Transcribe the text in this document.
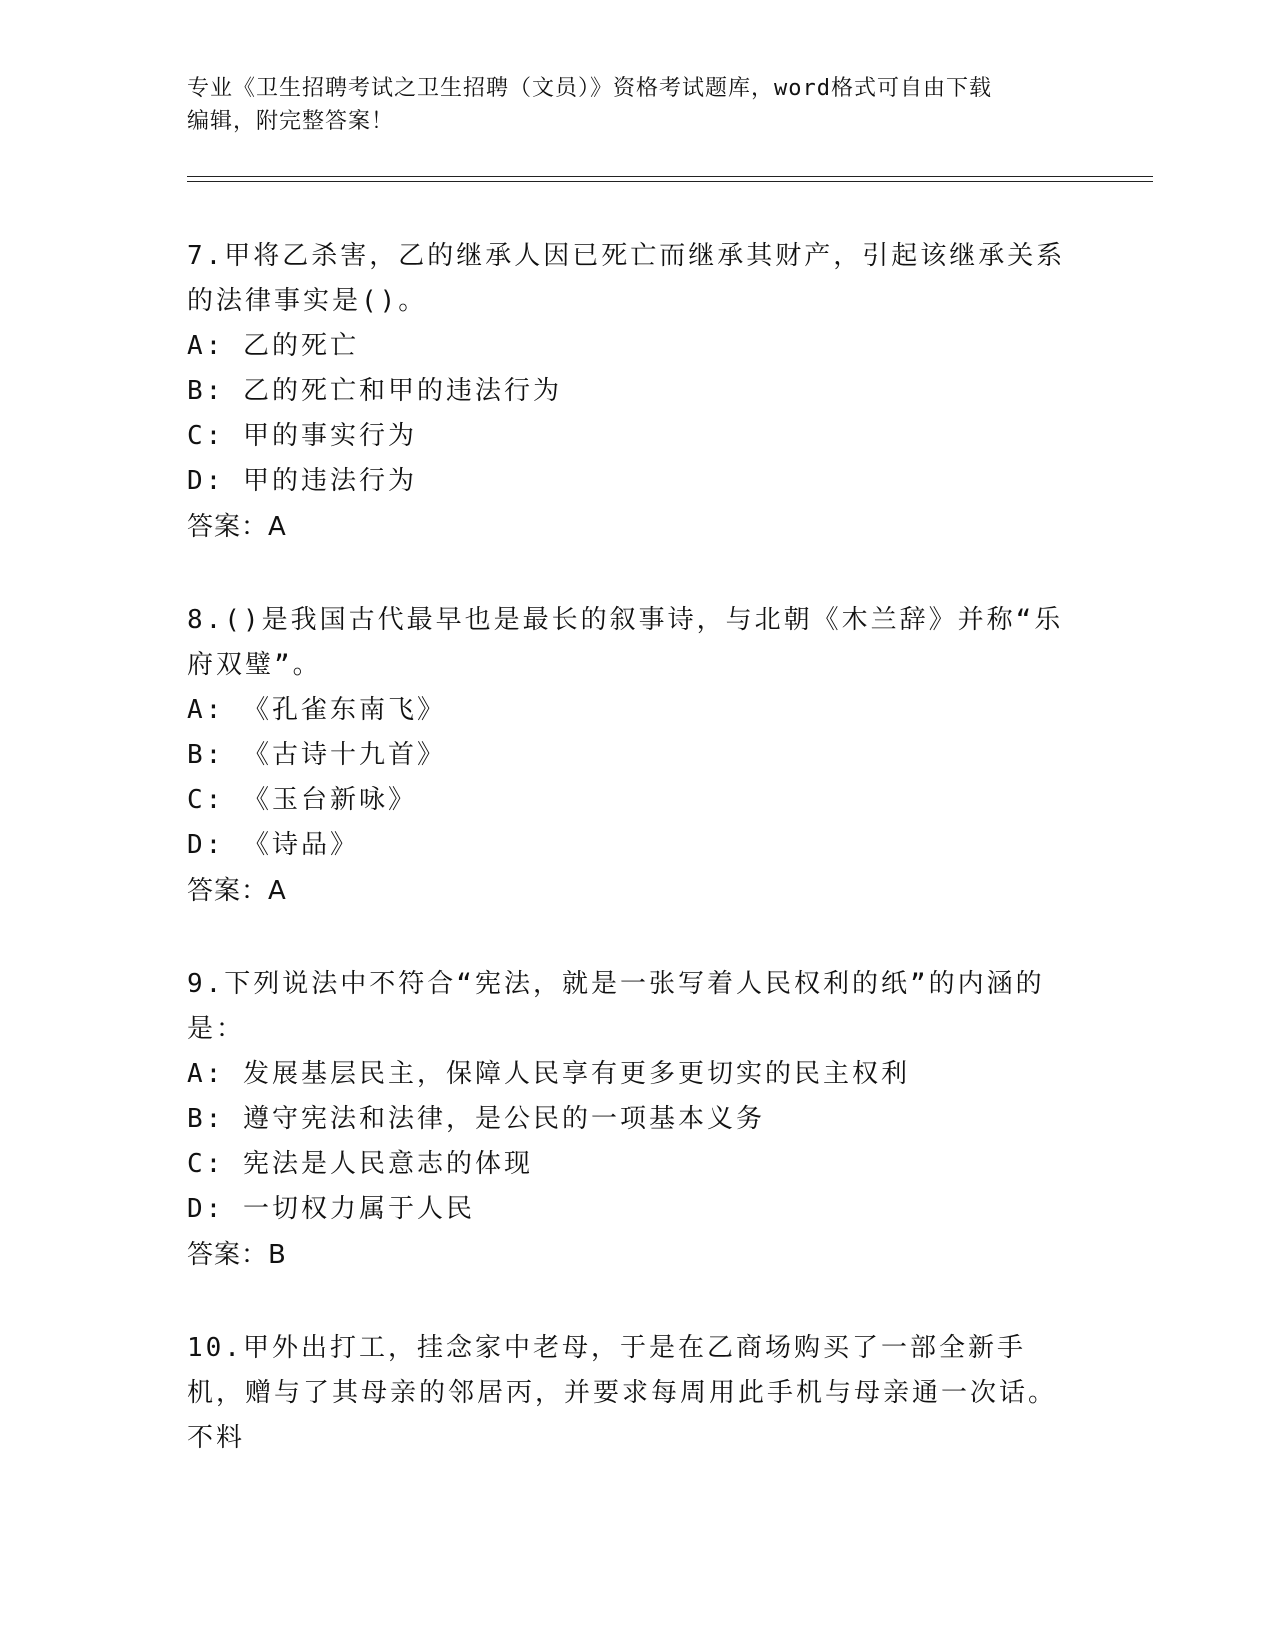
专业《卫生招聘考试之卫生招聘（文员）》资格考试题库，word格式可自由下载
编辑，附完整答案！
7.甲将乙杀害，乙的继承人因已死亡而继承其财产，引起该继承关系的法律事实是()。
A: 乙的死亡
B: 乙的死亡和甲的违法行为
C: 甲的事实行为
D: 甲的违法行为
答案：A
8.()是我国古代最早也是最长的叙事诗，与北朝《木兰辞》并称“乐府双璧”。
A: 《孔雀东南飞》
B: 《古诗十九首》
C: 《玉台新咏》
D: 《诗品》
答案：A
9.下列说法中不符合“宪法，就是一张写着人民权利的纸”的内涵的是：
A: 发展基层民主，保障人民享有更多更切实的民主权利
B: 遵守宪法和法律，是公民的一项基本义务
C: 宪法是人民意志的体现
D: 一切权力属于人民
答案：B
10.甲外出打工，挂念家中老母，于是在乙商场购买了一部全新手机，赠与了其母亲的邻居丙，并要求每周用此手机与母亲通一次话。不料
